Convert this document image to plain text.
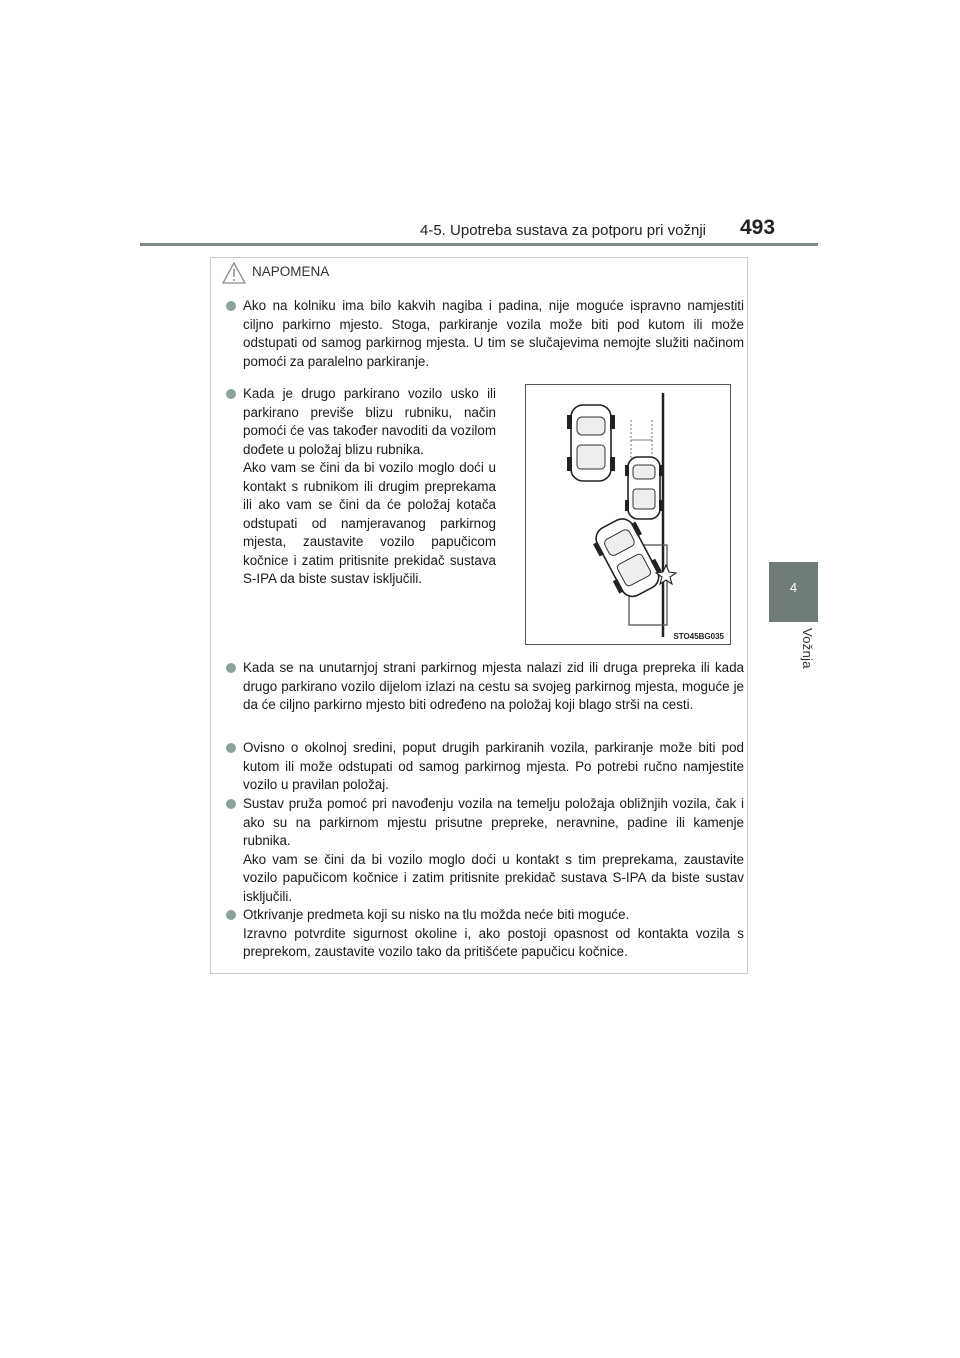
4-5. Upotreba sustava za potporu pri vožnji 493
4
Vožnja
NAPOMENA

Ako na kolniku ima bilo kakvih nagiba i padina, nije moguće ispravno namjestiti ciljno parkirno mjesto. Stoga, parkiranje vozila može biti pod kutom ili može odstupati od samog parkirnog mjesta. U tim se slučajevima nemojte služiti načinom pomoći za paralelno parkiranje.

Kada je drugo parkirano vozilo usko ili parkirano previše blizu rubniku, način pomoći će vas također navoditi da vozilom dođete u položaj blizu rubnika.

Ako vam se čini da bi vozilo moglo doći u kontakt s rubnikom ili drugim preprekama ili ako vam se čini da će položaj kotača odstupati od namjeravanog parkirnog mjesta, zaustavite vozilo papučicom kočnice i zatim pritisnite prekidač sustava S-IPA da biste sustav isključili.

STO45BG035

Kada se na unutarnjoj strani parkirnog mjesta nalazi zid ili druga prepreka ili kada drugo parkirano vozilo dijelom izlazi na cestu sa svojeg parkirnog mjesta, moguće je da će ciljno parkirno mjesto biti određeno na položaj koji blago strši na cesti.

Ovisno o okolnoj sredini, poput drugih parkiranih vozila, parkiranje može biti pod kutom ili može odstupati od samog parkirnog mjesta. Po potrebi ručno namjestite vozilo u pravilan položaj.

Sustav pruža pomoć pri navođenju vozila na temelju položaja obližnjih vozila, čak i ako su na parkirnom mjestu prisutne prepreke, neravnine, padine ili kamenje rubnika.

Ako vam se čini da bi vozilo moglo doći u kontakt s tim preprekama, zaustavite vozilo papučicom kočnice i zatim pritisnite prekidač sustava S-IPA da biste sustav isključili.

Otkrivanje predmeta koji su nisko na tlu možda neće biti moguće.

Izravno potvrdite sigurnost okoline i, ako postoji opasnost od kontakta vozila s preprekom, zaustavite vozilo tako da pritišćete papučicu kočnice.
